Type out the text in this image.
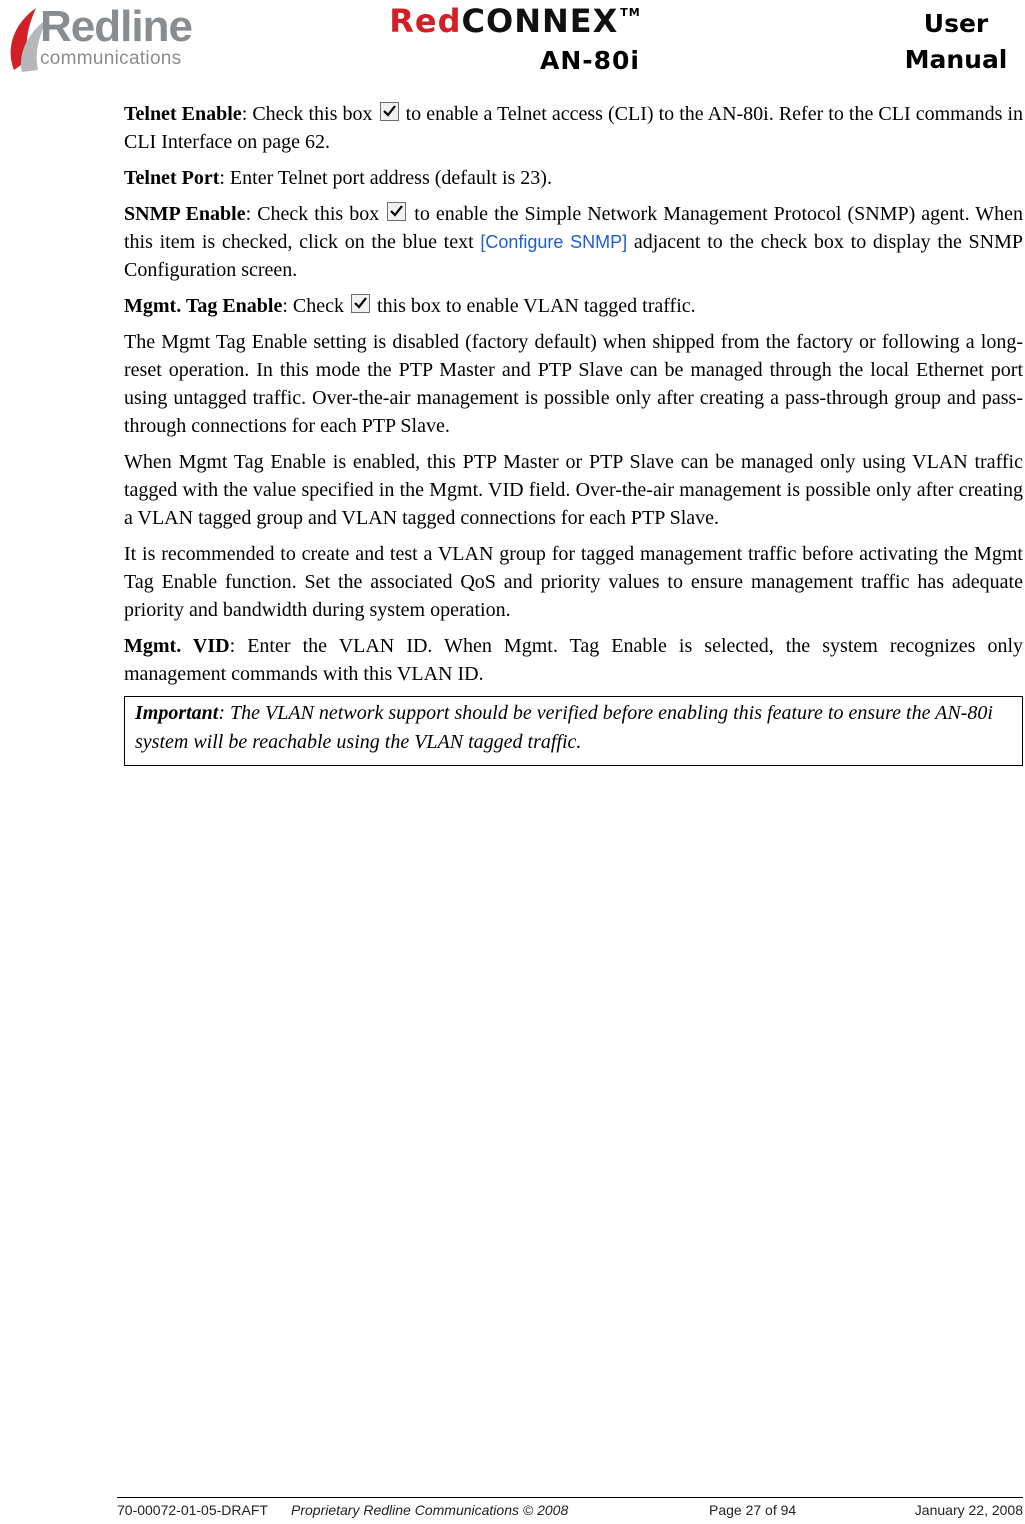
Redline
communications
RedCONNEX ™
AN-80i
User
Manual

Telnet Enable: Check this box
to enable a Telnet access (CLI) to the AN-80i. Refer to the CLI commands in CLI Interface on page 62.

Telnet Port: Enter Telnet port address (default is 23).

SNMP Enable: Check this box
to enable the Simple Network Management Protocol (SNMP) agent. When this item is checked, click on the blue text [Configure SNMP] adjacent to the check box to display the SNMP Configuration screen.

Mgmt. Tag Enable: Check
this box to enable VLAN tagged traffic.

The Mgmt Tag Enable setting is disabled (factory default) when shipped from the factory or following a long-reset operation. In this mode the PTP Master and PTP Slave can be managed through the local Ethernet port using untagged traffic. Over-the-air management is possible only after creating a pass-through group and pass-through connections for each PTP Slave.

When Mgmt Tag Enable is enabled, this PTP Master or PTP Slave can be managed only using VLAN traffic tagged with the value specified in the Mgmt. VID field. Over-the-air management is possible only after creating a VLAN tagged group and VLAN tagged connections for each PTP Slave.

It is recommended to create and test a VLAN group for tagged management traffic before activating the Mgmt Tag Enable function. Set the associated QoS and priority values to ensure management traffic has adequate priority and bandwidth during system operation.

Mgmt. VID: Enter the VLAN ID. When Mgmt. Tag Enable is selected, the system recognizes only management commands with this VLAN ID.

Important: The VLAN network support should be verified before enabling this feature to ensure the AN-80i system will be reachable using the VLAN tagged traffic.
70-00072-01-05-DRAFT Proprietary Redline Communications © 2008	Page 27 of 94	January 22, 2008
